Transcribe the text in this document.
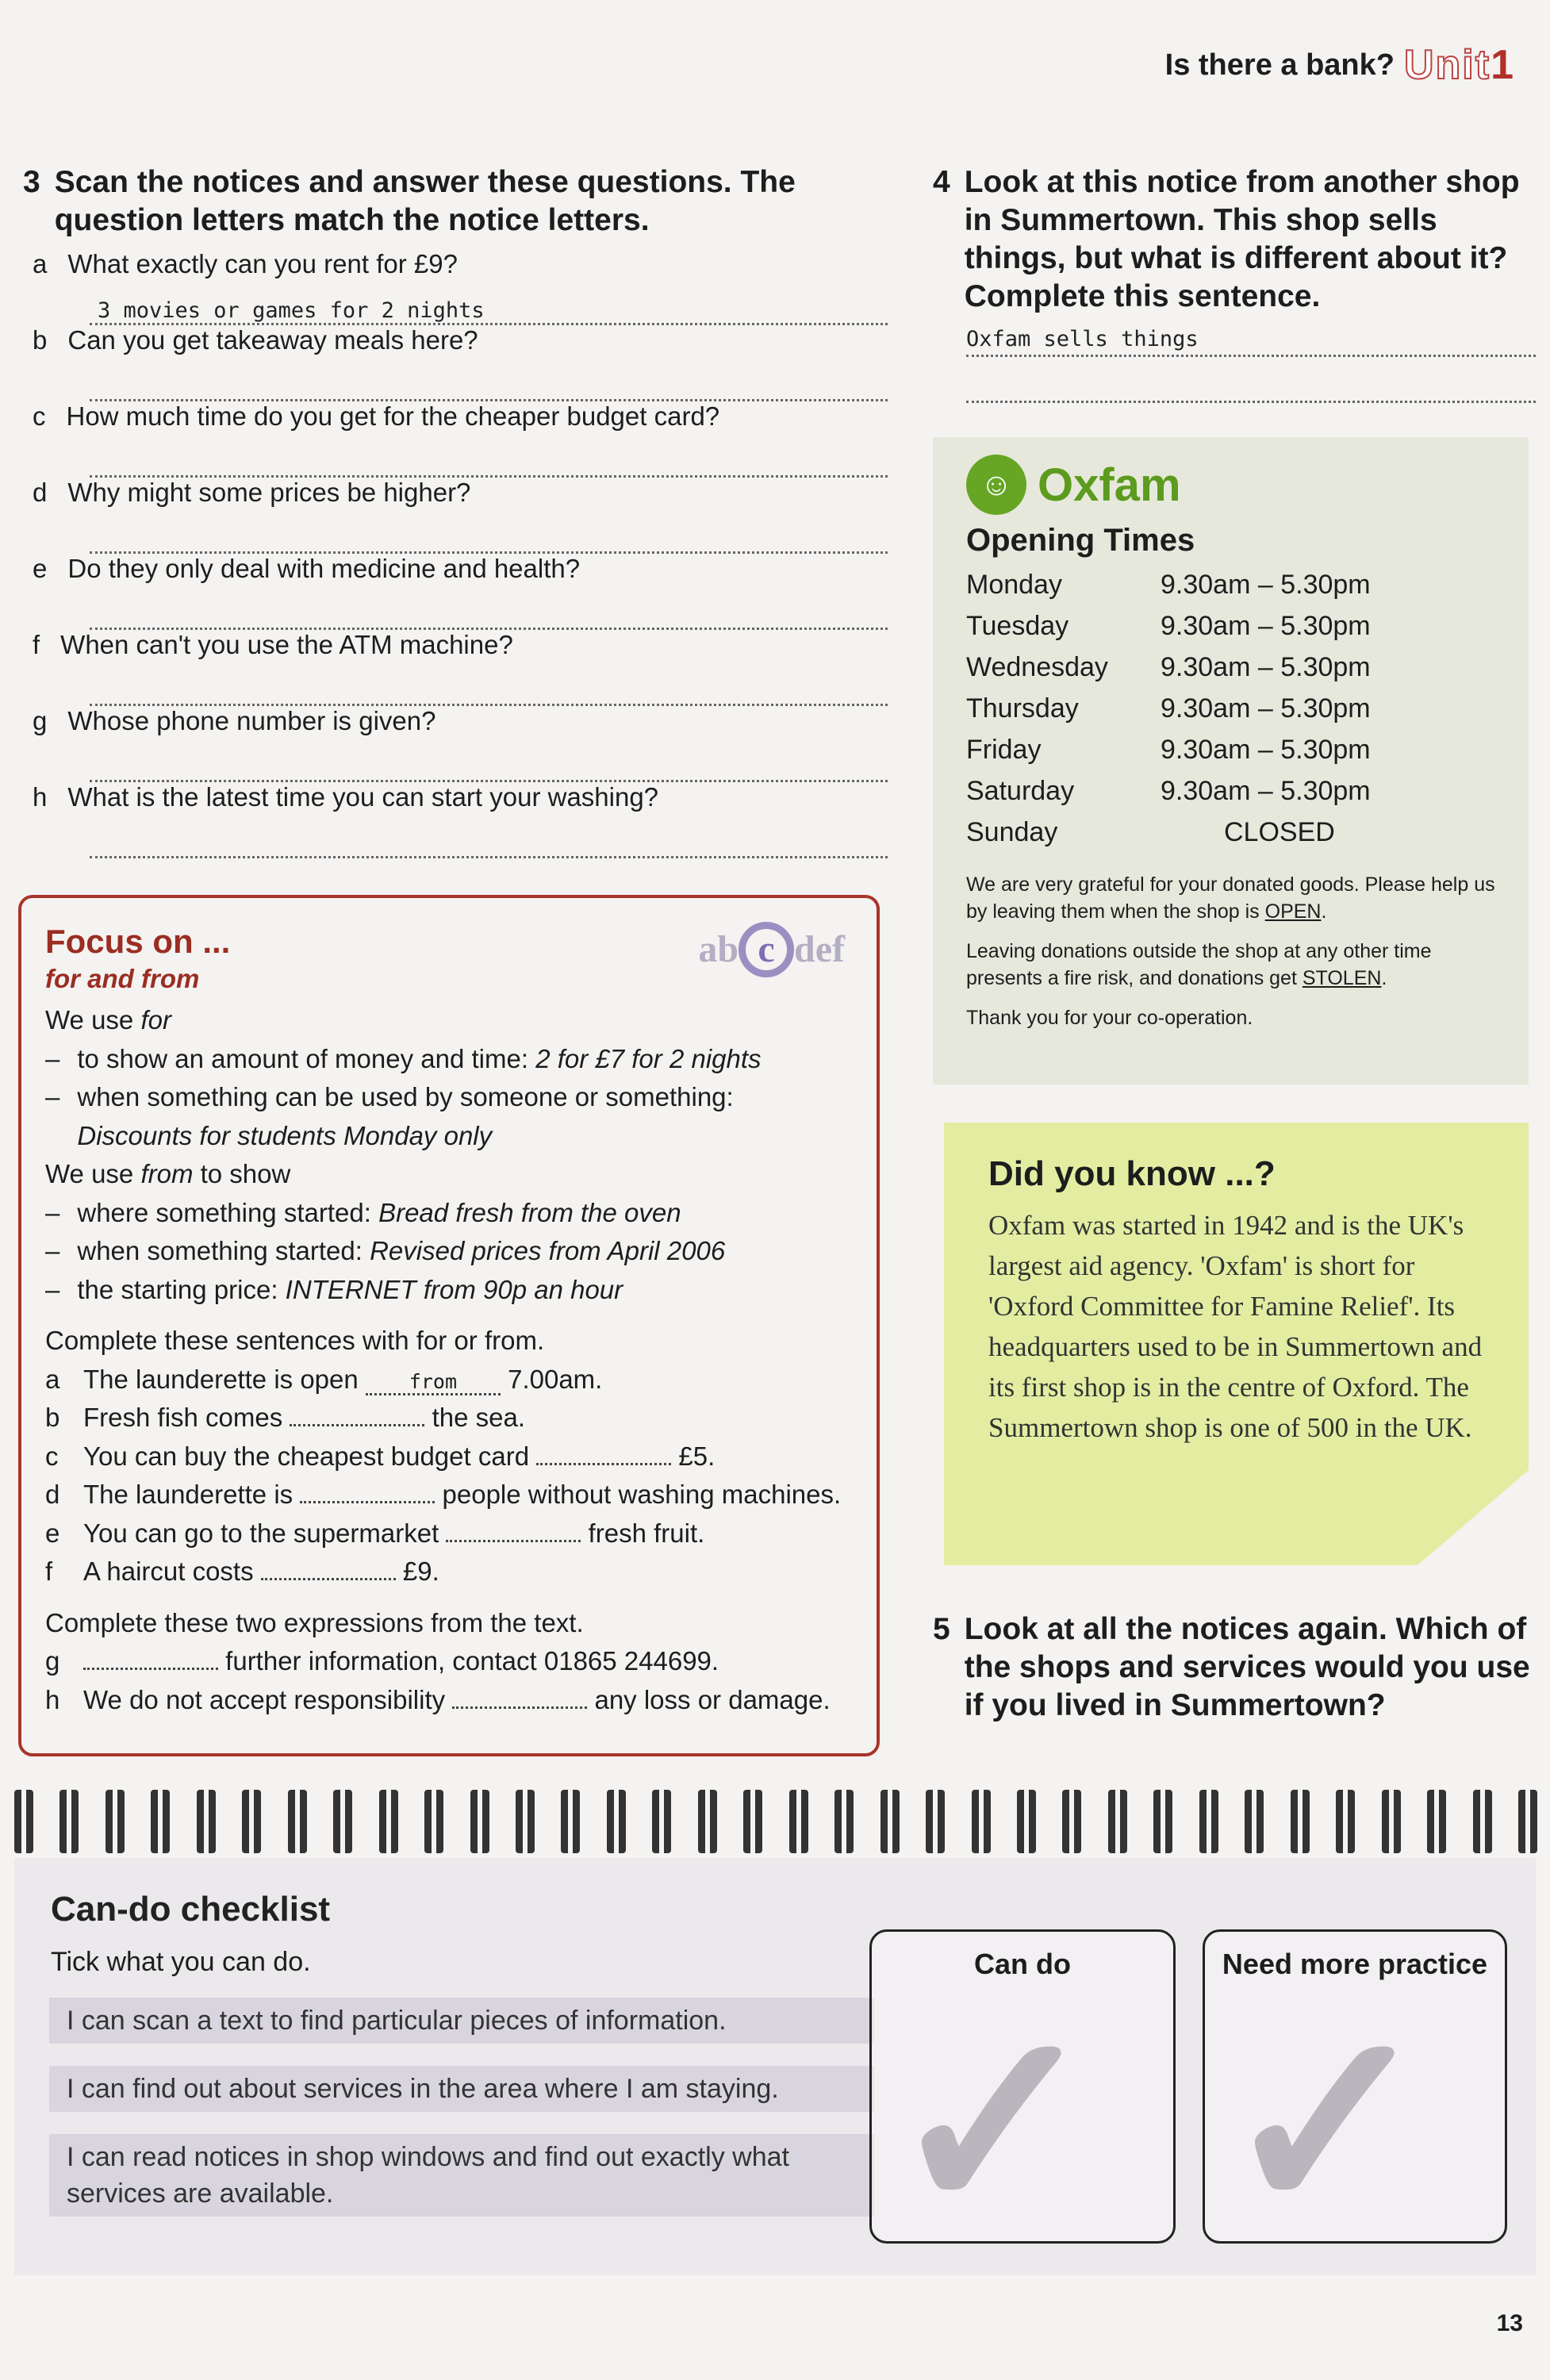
Is there a bank? Unit1
3 Scan the notices and answer these questions. The question letters match the notice letters.
a What exactly can you rent for £9?
3 movies or games for 2 nights
b Can you get takeaway meals here?
c How much time do you get for the cheaper budget card?
d Why might some prices be higher?
e Do they only deal with medicine and health?
f When can't you use the ATM machine?
g Whose phone number is given?
h What is the latest time you can start your washing?
ab c def
Focus on ...
for and from
We use for
– to show an amount of money and time: 2 for £7 for 2 nights
– when something can be used by someone or something:
Discounts for students Monday only
We use from to show
– where something started: Bread fresh from the oven
– when something started: Revised prices from April 2006
– the starting price: INTERNET from 90p an hour
Complete these sentences with for or from.
a The launderette is open from 7.00am.
b Fresh fish comes	the sea.
c You can buy the cheapest budget card	£5.
d The launderette is	people without washing machines.
e You can go to the supermarket	fresh fruit.
f A haircut costs	£9.
Complete these two expressions from the text.
g	further information, contact 01865 244699.
h We do not accept responsibility	any loss or damage.
4 Look at this notice from another shop in Summertown. This shop sells things, but what is different about it? Complete this sentence.
Oxfam sells things
☺ Oxfam
Opening Times
Monday	9.30am – 5.30pm
Tuesday	9.30am – 5.30pm
Wednesday	9.30am – 5.30pm
Thursday	9.30am – 5.30pm
Friday	9.30am – 5.30pm
Saturday	9.30am – 5.30pm
Sunday	CLOSED
We are very grateful for your donated goods. Please help us by leaving them when the shop is OPEN.
Leaving donations outside the shop at any other time presents a fire risk, and donations get STOLEN.
Thank you for your co-operation.
Did you know ...?

Oxfam was started in 1942 and is the UK's largest aid agency. 'Oxfam' is short for 'Oxford Committee for Famine Relief'. Its headquarters used to be in Summertown and its first shop is in the centre of Oxford. The Summertown shop is one of 500 in the UK.

5 Look at all the notices again. Which of the shops and services would you use if you lived in Summertown?
Can-do checklist
Tick what you can do.
I can scan a text to find particular pieces of information.
I can find out about services in the area where I am staying.
I can read notices in shop windows and find out exactly what services are available.
Can do
✓
Need more practice
✓
13
